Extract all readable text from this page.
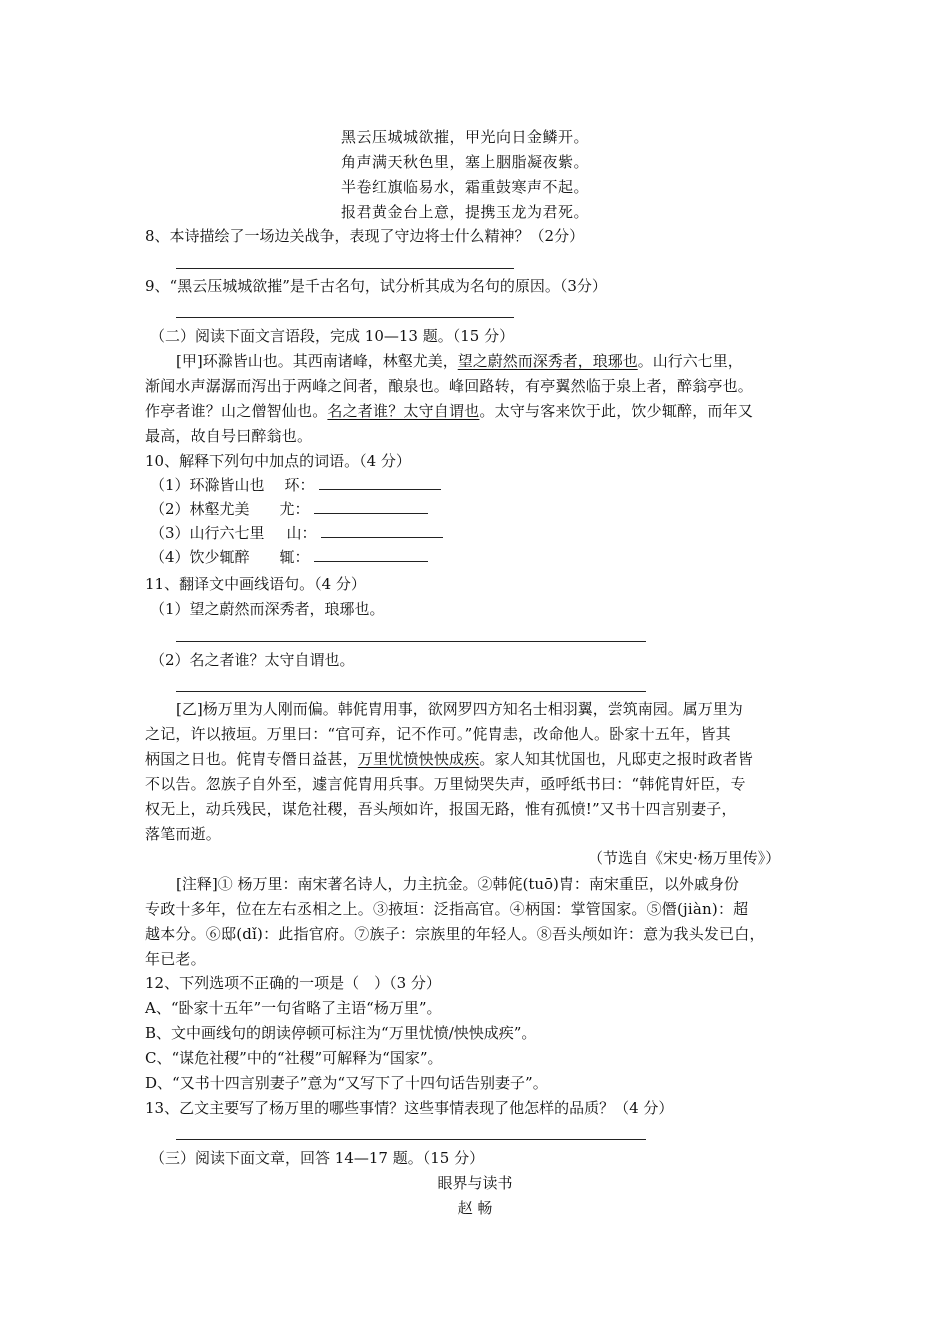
黑云压城城欲摧，甲光向日金鳞开。
角声满天秋色里，塞上胭脂凝夜紫。
半卷红旗临易水，霜重鼓寒声不起。
报君黄金台上意，提携玉龙为君死。
8、本诗描绘了一场边关战争，表现了守边将士什么精神？（2分）
9、“黑云压城城欲摧”是千古名句，试分析其成为名句的原因。（3分）
（二）阅读下面文言语段，完成 10—13 题。（15 分）
[甲]环滁皆山也。其西南诸峰，林壑尤美，望之蔚然而深秀者，琅琊也。山行六七里，
渐闻水声潺潺而泻出于两峰之间者，酿泉也。峰回路转，有亭翼然临于泉上者，醉翁亭也。
作亭者谁？山之僧智仙也。名之者谁？太守自谓也。太守与客来饮于此，饮少辄醉，而年又
最高，故自号曰醉翁也。
10、解释下列句中加点的词语。（4 分）
（1）环滁皆山也 环：
（2）林壑尤美 尤：
（3）山行六七里 山：
（4）饮少辄醉 辄：
11、翻译文中画线语句。（4 分）
（1）望之蔚然而深秀者，琅琊也。
（2）名之者谁？太守自谓也。
[乙]杨万里为人刚而偏。韩侂胄用事，欲网罗四方知名士相羽翼，尝筑南园。属万里为
之记，许以掖垣。万里曰：“官可弃，记不作可。”侂胄恚，改命他人。卧家十五年，皆其
柄国之日也。侂胄专僭日益甚，万里忧愤怏怏成疾。家人知其忧国也，凡邸吏之报时政者皆
不以告。忽族子自外至，遽言侂胄用兵事。万里恸哭失声，亟呼纸书曰：“韩侂胄奸臣，专
权无上，动兵残民，谋危社稷，吾头颅如许，报国无路，惟有孤愤!”又书十四言别妻子，
落笔而逝。
（节选自《宋史·杨万里传》）
[注释]① 杨万里：南宋著名诗人，力主抗金。②韩侂(tuō)胄：南宋重臣，以外戚身份
专政十多年，位在左右丞相之上。③掖垣：泛指高官。④柄国：掌管国家。⑤僭(jiàn)：超
越本分。⑥邸(dǐ)：此指官府。⑦族子：宗族里的年轻人。⑧吾头颅如许：意为我头发已白，
年已老。
12、下列选项不正确的一项是（　）（3 分）
A、“卧家十五年”一句省略了主语“杨万里”。
B、文中画线句的朗读停顿可标注为“万里忧愤/怏怏成疾”。
C、“谋危社稷”中的“社稷”可解释为“国家”。
D、“又书十四言别妻子”意为“又写下了十四句话告别妻子”。
13、乙文主要写了杨万里的哪些事情？这些事情表现了他怎样的品质？（4 分）
（三）阅读下面文章，回答 14—17 题。（15 分）
眼界与读书
赵 畅
